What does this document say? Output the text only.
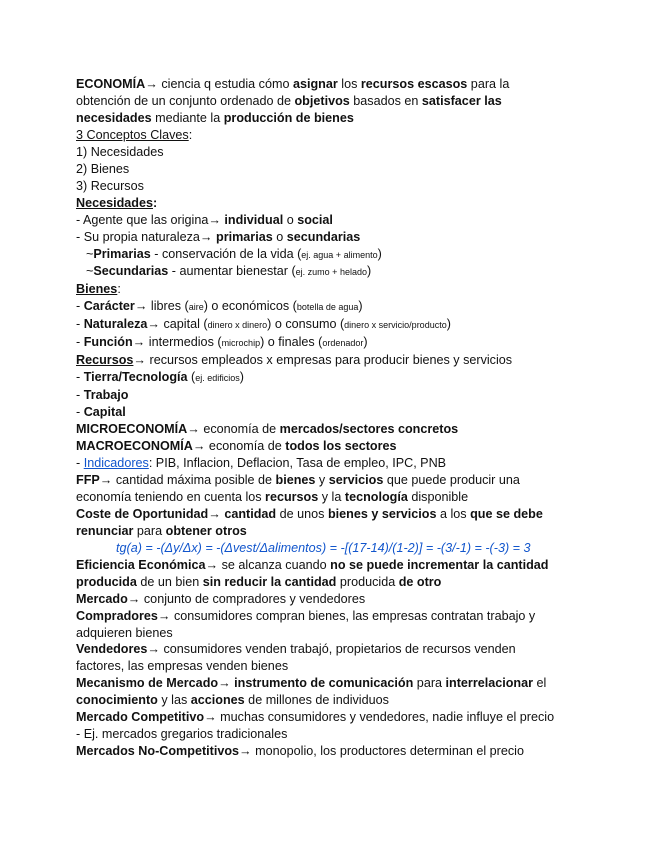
ECONOMÍA→ ciencia q estudia cómo asignar los recursos escasos para la
obtención de un conjunto ordenado de objetivos basados en satisfacer las
necesidades mediante la producción de bienes
3 Conceptos Claves:
1) Necesidades
2) Bienes
3) Recursos
Necesidades:
- Agente que las origina→ individual o social
- Su propia naturaleza→ primarias o secundarias
~Primarias - conservación de la vida (ej. agua + alimento)
~Secundarias - aumentar bienestar (ej. zumo + helado)
Bienes:
- Carácter→ libres (aire) o económicos (botella de agua)
- Naturaleza→ capital (dinero x dinero) o consumo (dinero x servicio/producto)
- Función→ intermedios (microchip) o finales (ordenador)
Recursos→ recursos empleados x empresas para producir bienes y servicios
- Tierra/Tecnología (ej. edificios)
- Trabajo
- Capital
MICROECONOMÍA→ economía de mercados/sectores concretos
MACROECONOMÍA→ economía de todos los sectores
- Indicadores: PIB, Inflacion, Deflacion, Tasa de empleo, IPC, PNB
FFP→ cantidad máxima posible de bienes y servicios que puede producir una
economía teniendo en cuenta los recursos y la tecnología disponible
Coste de Oportunidad→ cantidad de unos bienes y servicios a los que se debe
renunciar para obtener otros
tg(a) = -(Δy/Δx) = -(Δvest/Δalimentos) = -[(17-14)/(1-2)] = -(3/-1) = -(-3) = 3
Eficiencia Económica→ se alcanza cuando no se puede incrementar la cantidad
producida de un bien sin reducir la cantidad producida de otro
Mercado→ conjunto de compradores y vendedores
Compradores→ consumidores compran bienes, las empresas contratan trabajo y
adquieren bienes
Vendedores→ consumidores venden trabajó, propietarios de recursos venden
factores, las empresas venden bienes
Mecanismo de Mercado→ instrumento de comunicación para interrelacionar el
conocimiento y las acciones de millones de individuos
Mercado Competitivo→ muchas consumidores y vendedores, nadie influye el precio
- Ej. mercados gregarios tradicionales
Mercados No-Competitivos→ monopolio, los productores determinan el precio
